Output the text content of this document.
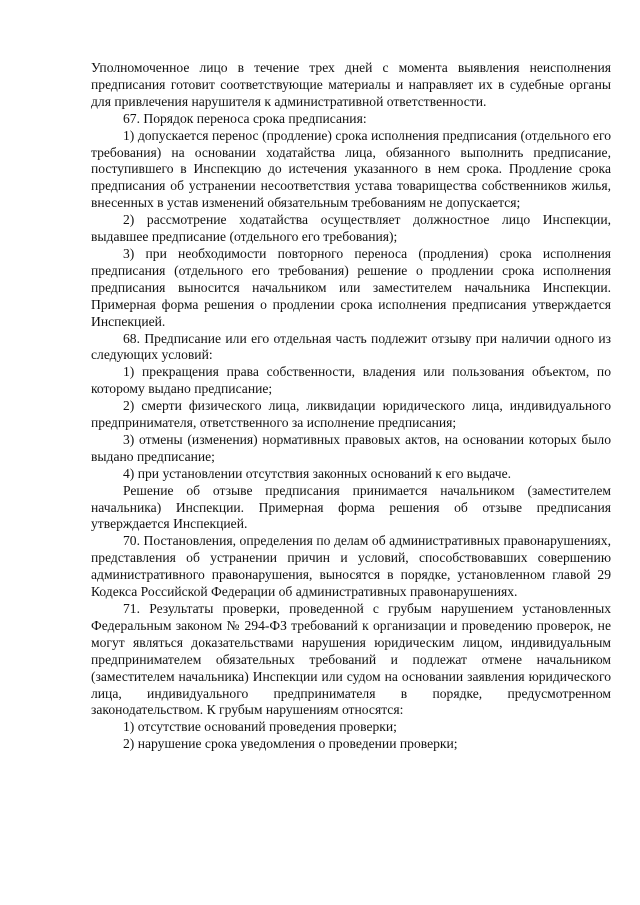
Уполномоченное лицо в течение трех дней с момента выявления неисполнения предписания готовит соответствующие материалы и направляет их в судебные органы для привлечения нарушителя к административной ответственности.

67. Порядок переноса срока предписания:

1) допускается перенос (продление) срока исполнения предписания (отдельного его требования) на основании ходатайства лица, обязанного выполнить предписание, поступившего в Инспекцию до истечения указанного в нем срока. Продление срока предписания об устранении несоответствия устава товарищества собственников жилья, внесенных в устав изменений обязательным требованиям не допускается;

2) рассмотрение ходатайства осуществляет должностное лицо Инспекции, выдавшее предписание (отдельного его требования);

3) при необходимости повторного переноса (продления) срока исполнения предписания (отдельного его требования) решение о продлении срока исполнения предписания выносится начальником или заместителем начальника Инспекции. Примерная форма решения о продлении срока исполнения предписания утверждается Инспекцией.

68. Предписание или его отдельная часть подлежит отзыву при наличии одного из следующих условий:

1) прекращения права собственности, владения или пользования объектом, по которому выдано предписание;

2) смерти физического лица, ликвидации юридического лица, индивидуального предпринимателя, ответственного за исполнение предписания;

3) отмены (изменения) нормативных правовых актов, на основании которых было выдано предписание;

4) при установлении отсутствия законных оснований к его выдаче.

Решение об отзыве предписания принимается начальником (заместителем начальника) Инспекции. Примерная форма решения об отзыве предписания утверждается Инспекцией.

70. Постановления, определения по делам об административных правонарушениях, представления об устранении причин и условий, способствовавших совершению административного правонарушения, выносятся в порядке, установленном главой 29 Кодекса Российской Федерации об административных правонарушениях.

71. Результаты проверки, проведенной с грубым нарушением установленных Федеральным законом № 294-ФЗ требований к организации и проведению проверок, не могут являться доказательствами нарушения юридическим лицом, индивидуальным предпринимателем обязательных требований и подлежат отмене начальником (заместителем начальника) Инспекции или судом на основании заявления юридического лица, индивидуального предпринимателя в порядке, предусмотренном законодательством. К грубым нарушениям относятся:

1) отсутствие оснований проведения проверки;

2) нарушение срока уведомления о проведении проверки;
